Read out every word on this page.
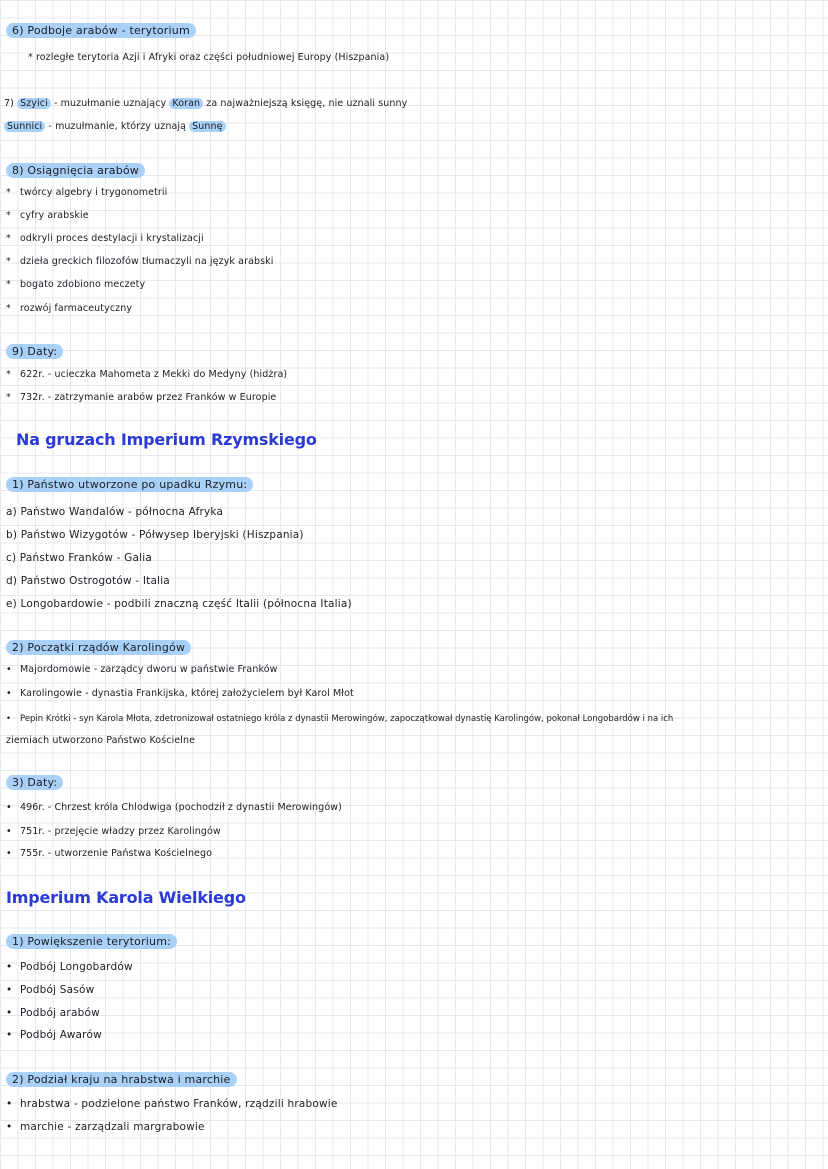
6) Podboje arabów - terytorium
* rozległe terytoria Azji i Afryki oraz części południowej Europy (Hiszpania)
7) Szyici - muzułmanie uznający Koran za najważniejszą księgę, nie uznali sunny
Sunnici - muzułmanie, którzy uznają Sunnę
8) Osiągnięcia arabów
* twórcy algebry i trygonometrii
* cyfry arabskie
* odkryli proces destylacji i krystalizacji
* dzieła greckich filozofów tłumaczyli na język arabski
* bogato zdobiono meczety
* rozwój farmaceutyczny
9) Daty:
* 622r. - ucieczka Mahometa z Mekki do Medyny (hidżra)
* 732r. - zatrzymanie arabów przez Franków w Europie
Na gruzach Imperium Rzymskiego
1) Państwo utworzone po upadku Rzymu:
a) Państwo Wandalów - północna Afryka
b) Państwo Wizygotów - Półwysep Iberyjski (Hiszpania)
c) Państwo Franków - Galia
d) Państwo Ostrogotów - Italia
e) Longobardowie - podbili znaczną część Italii (północna Italia)
2) Początki rządów Karolingów
• Majordomowie - zarządcy dworu w państwie Franków
• Karolingowie - dynastia Frankijska, której założycielem był Karol Młot
• Pepin Krótki - syn Karola Młota, zdetronizował ostatniego króla z dynastii Merowingów, zapoczątkował dynastię Karolingów, pokonał Longobardów i na ich
ziemiach utworzono Państwo Kościelne
3) Daty:
• 496r. - Chrzest króla Chlodwiga (pochodził z dynastii Merowingów)
• 751r. - przejęcie władzy przez Karolingów
• 755r. - utworzenie Państwa Kościelnego
Imperium Karola Wielkiego
1) Powiększenie terytorium:
• Podbój Longobardów
• Podbój Sasów
• Podbój arabów
• Podbój Awarów
2) Podział kraju na hrabstwa i marchie
• hrabstwa - podzielone państwo Franków, rządzili hrabowie
• marchie - zarządzali margrabowie
